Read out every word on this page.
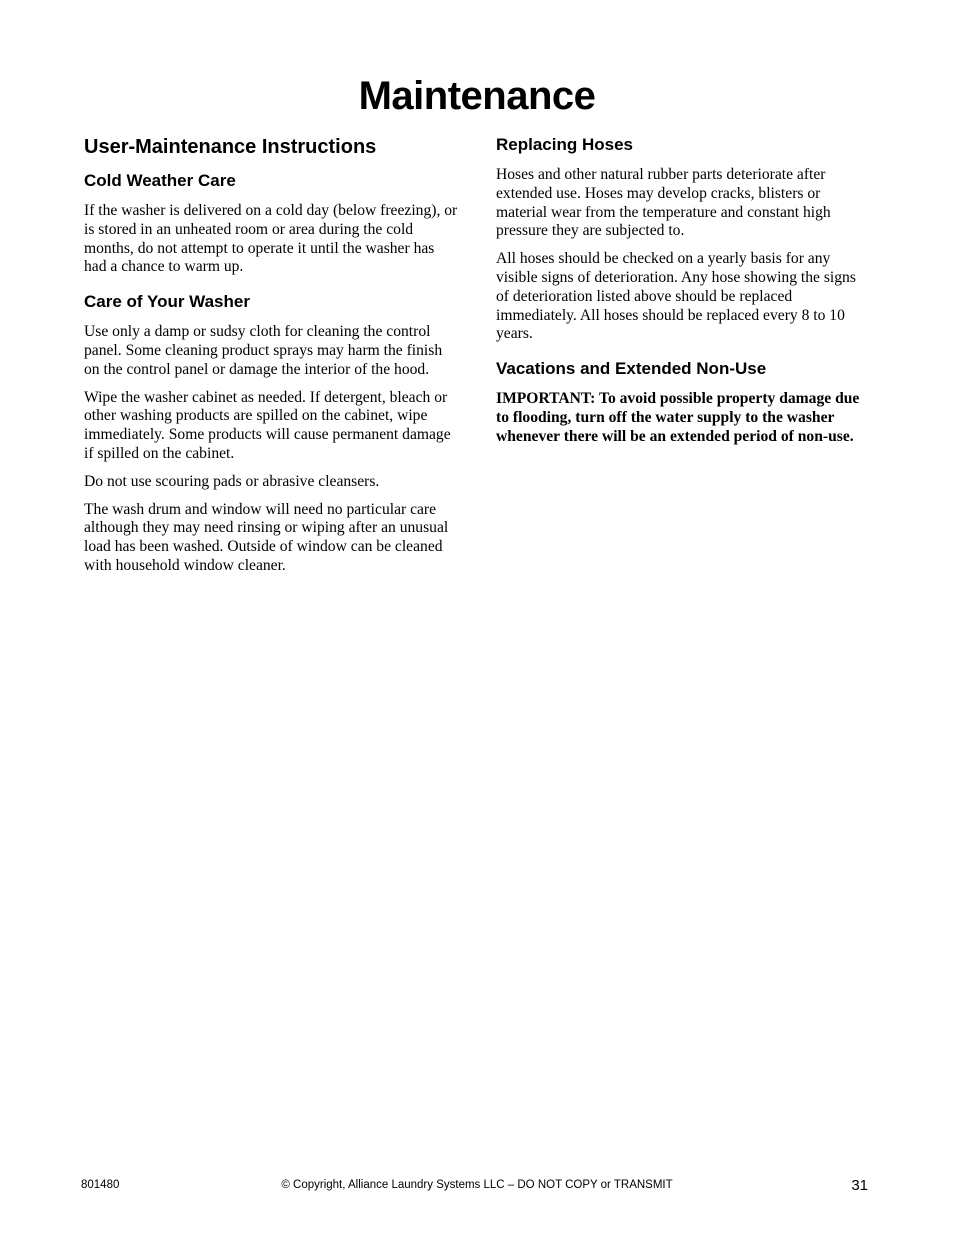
Maintenance
User-Maintenance Instructions
Cold Weather Care

If the washer is delivered on a cold day (below freezing), or is stored in an unheated room or area during the cold months, do not attempt to operate it until the washer has had a chance to warm up.

Care of Your Washer

Use only a damp or sudsy cloth for cleaning the control panel. Some cleaning product sprays may harm the finish on the control panel or damage the interior of the hood.

Wipe the washer cabinet as needed. If detergent, bleach or other washing products are spilled on the cabinet, wipe immediately. Some products will cause permanent damage if spilled on the cabinet.

Do not use scouring pads or abrasive cleansers.

The wash drum and window will need no particular care although they may need rinsing or wiping after an unusual load has been washed. Outside of window can be cleaned with household window cleaner.

Replacing Hoses

Hoses and other natural rubber parts deteriorate after extended use. Hoses may develop cracks, blisters or material wear from the temperature and constant high pressure they are subjected to.

All hoses should be checked on a yearly basis for any visible signs of deterioration. Any hose showing the signs of deterioration listed above should be replaced immediately. All hoses should be replaced every 8 to 10 years.

Vacations and Extended Non-Use

IMPORTANT: To avoid possible property damage due to flooding, turn off the water supply to the washer whenever there will be an extended period of non-use.

801480	© Copyright, Alliance Laundry Systems LLC – DO NOT COPY or TRANSMIT	31
